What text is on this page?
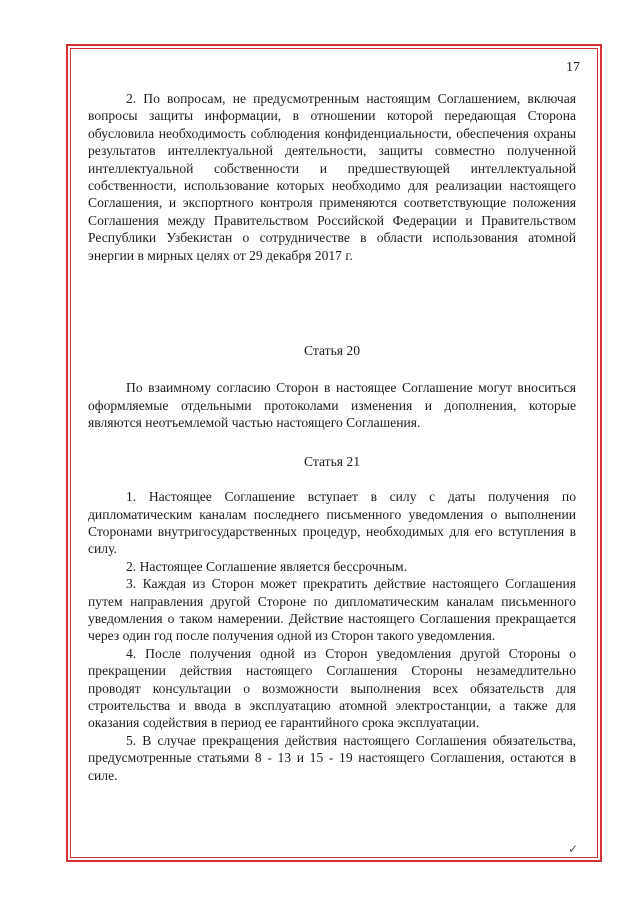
17

2. По вопросам, не предусмотренным настоящим Соглашением, включая вопросы защиты информации, в отношении которой передающая Сторона обусловила необходимость соблюдения конфиденциальности, обеспечения охраны результатов интеллектуальной деятельности, защиты совместно полученной интеллектуальной собственности и предшествующей интеллектуальной собственности, использование которых необходимо для реализации настоящего Соглашения, и экспортного контроля применяются соответствующие положения Соглашения между Правительством Российской Федерации и Правительством Республики Узбекистан о сотрудничестве в области использования атомной энергии в мирных целях от 29 декабря 2017 г.

Статья 20

По взаимному согласию Сторон в настоящее Соглашение могут вноситься оформляемые отдельными протоколами изменения и дополнения, которые являются неотъемлемой частью настоящего Соглашения.

Статья 21

1. Настоящее Соглашение вступает в силу с даты получения по дипломатическим каналам последнего письменного уведомления о выполнении Сторонами внутригосударственных процедур, необходимых для его вступления в силу.

2. Настоящее Соглашение является бессрочным.

3. Каждая из Сторон может прекратить действие настоящего Соглашения путем направления другой Стороне по дипломатическим каналам письменного уведомления о таком намерении. Действие настоящего Соглашения прекращается через один год после получения одной из Сторон такого уведомления.

4. После получения одной из Сторон уведомления другой Стороны о прекращении действия настоящего Соглашения Стороны незамедлительно проводят консультации о возможности выполнения всех обязательств для строительства и ввода в эксплуатацию атомной электростанции, а также для оказания содействия в период ее гарантийного срока эксплуатации.

5. В случае прекращения действия настоящего Соглашения обязательства, предусмотренные статьями 8 - 13 и 15 - 19 настоящего Соглашения, остаются в силе.

✓
